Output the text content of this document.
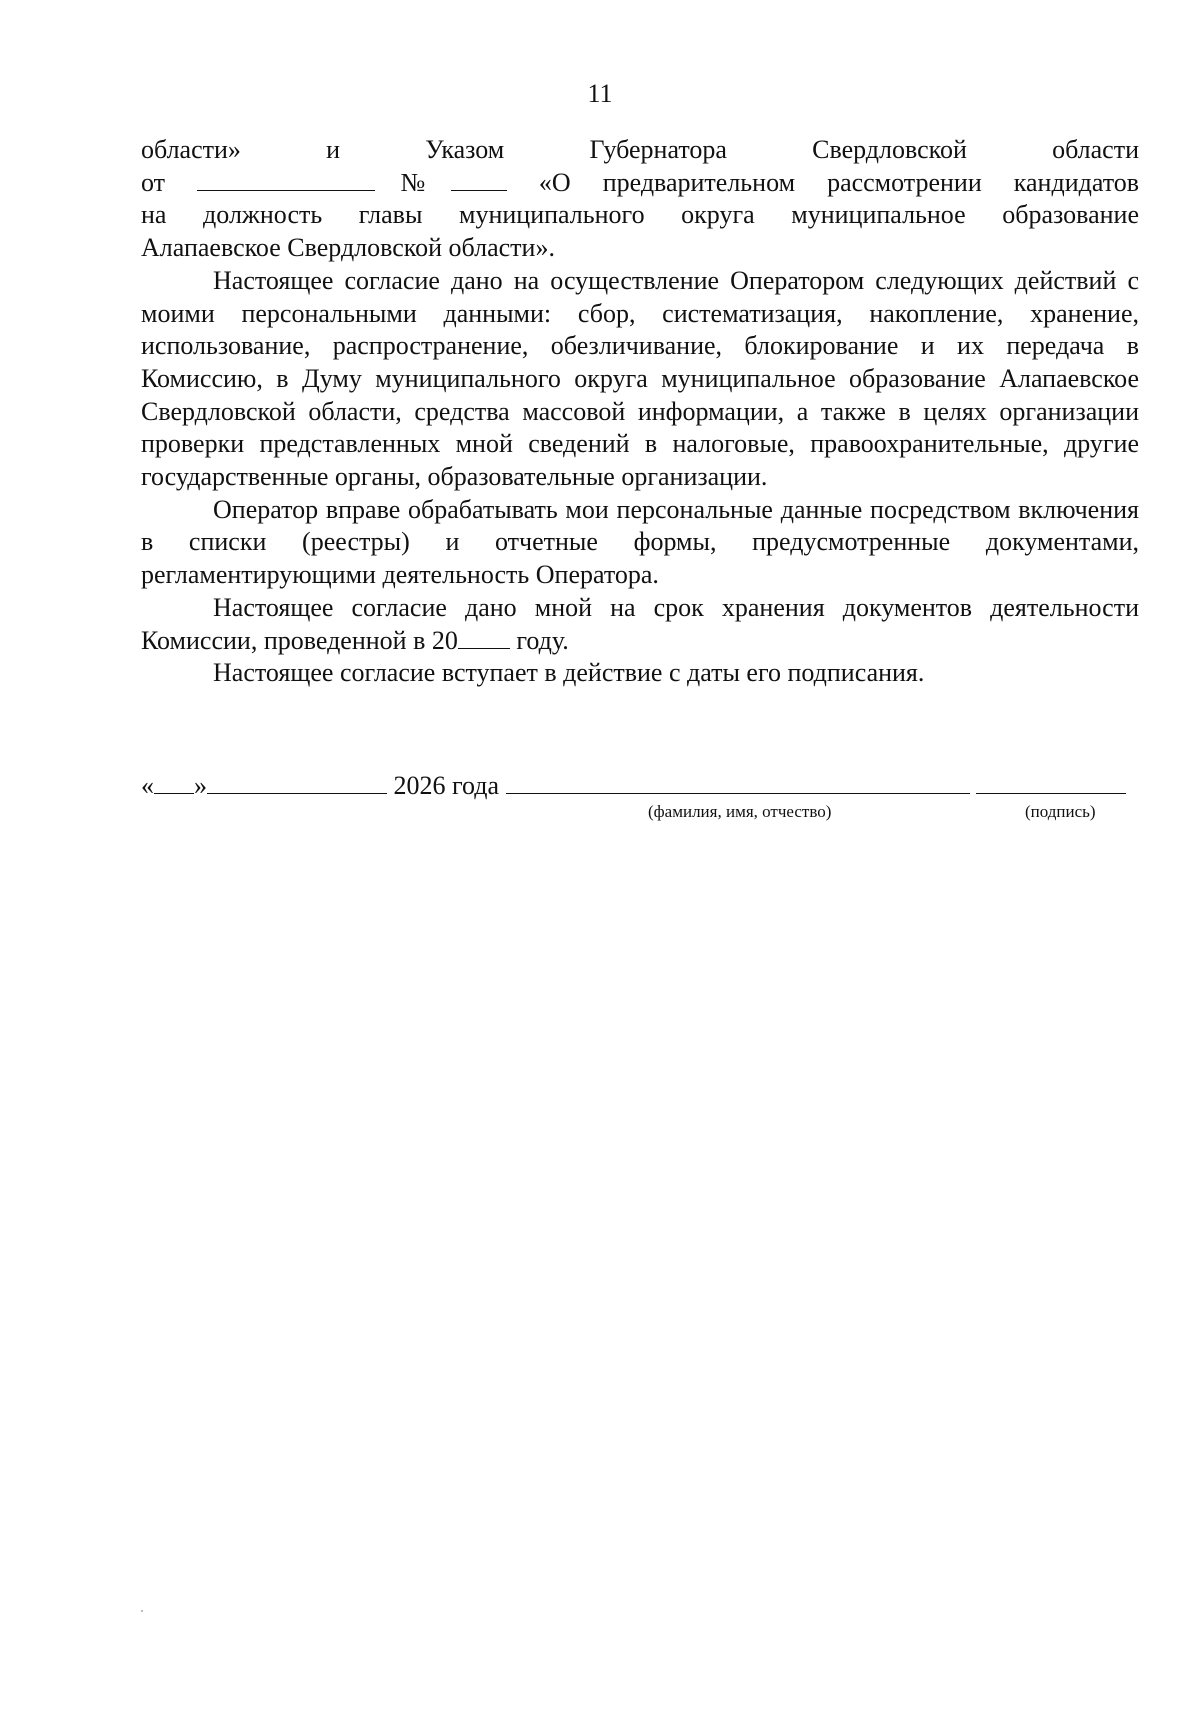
11

области»	и	Указом	Губернатора	Свердловской	области
от	№	«О предварительном рассмотрении кандидатов
на должность главы муниципального округа муниципальное образование
Алапаевское Свердловской области».

Настоящее согласие дано на осуществление Оператором следующих действий с моими персональными данными: сбор, систематизация, накопление, хранение, использование, распространение, обезличивание, блокирование и их передача в Комиссию, в Думу муниципального округа муниципальное образование Алапаевское Свердловской области, средства массовой информации, а также в целях организации проверки представленных мной сведений в налоговые, правоохранительные, другие государственные органы, образовательные организации.

Оператор вправе обрабатывать мои персональные данные посредством включения в списки (реестры) и отчетные формы, предусмотренные документами, регламентирующими деятельность Оператора.

Настоящее согласие дано мной на срок хранения документов деятельности Комиссии, проведенной в 20 году.

Настоящее согласие вступает в действие с даты его подписания.

« »	2026 года
(фамилия, имя, отчество)	(подпись)
